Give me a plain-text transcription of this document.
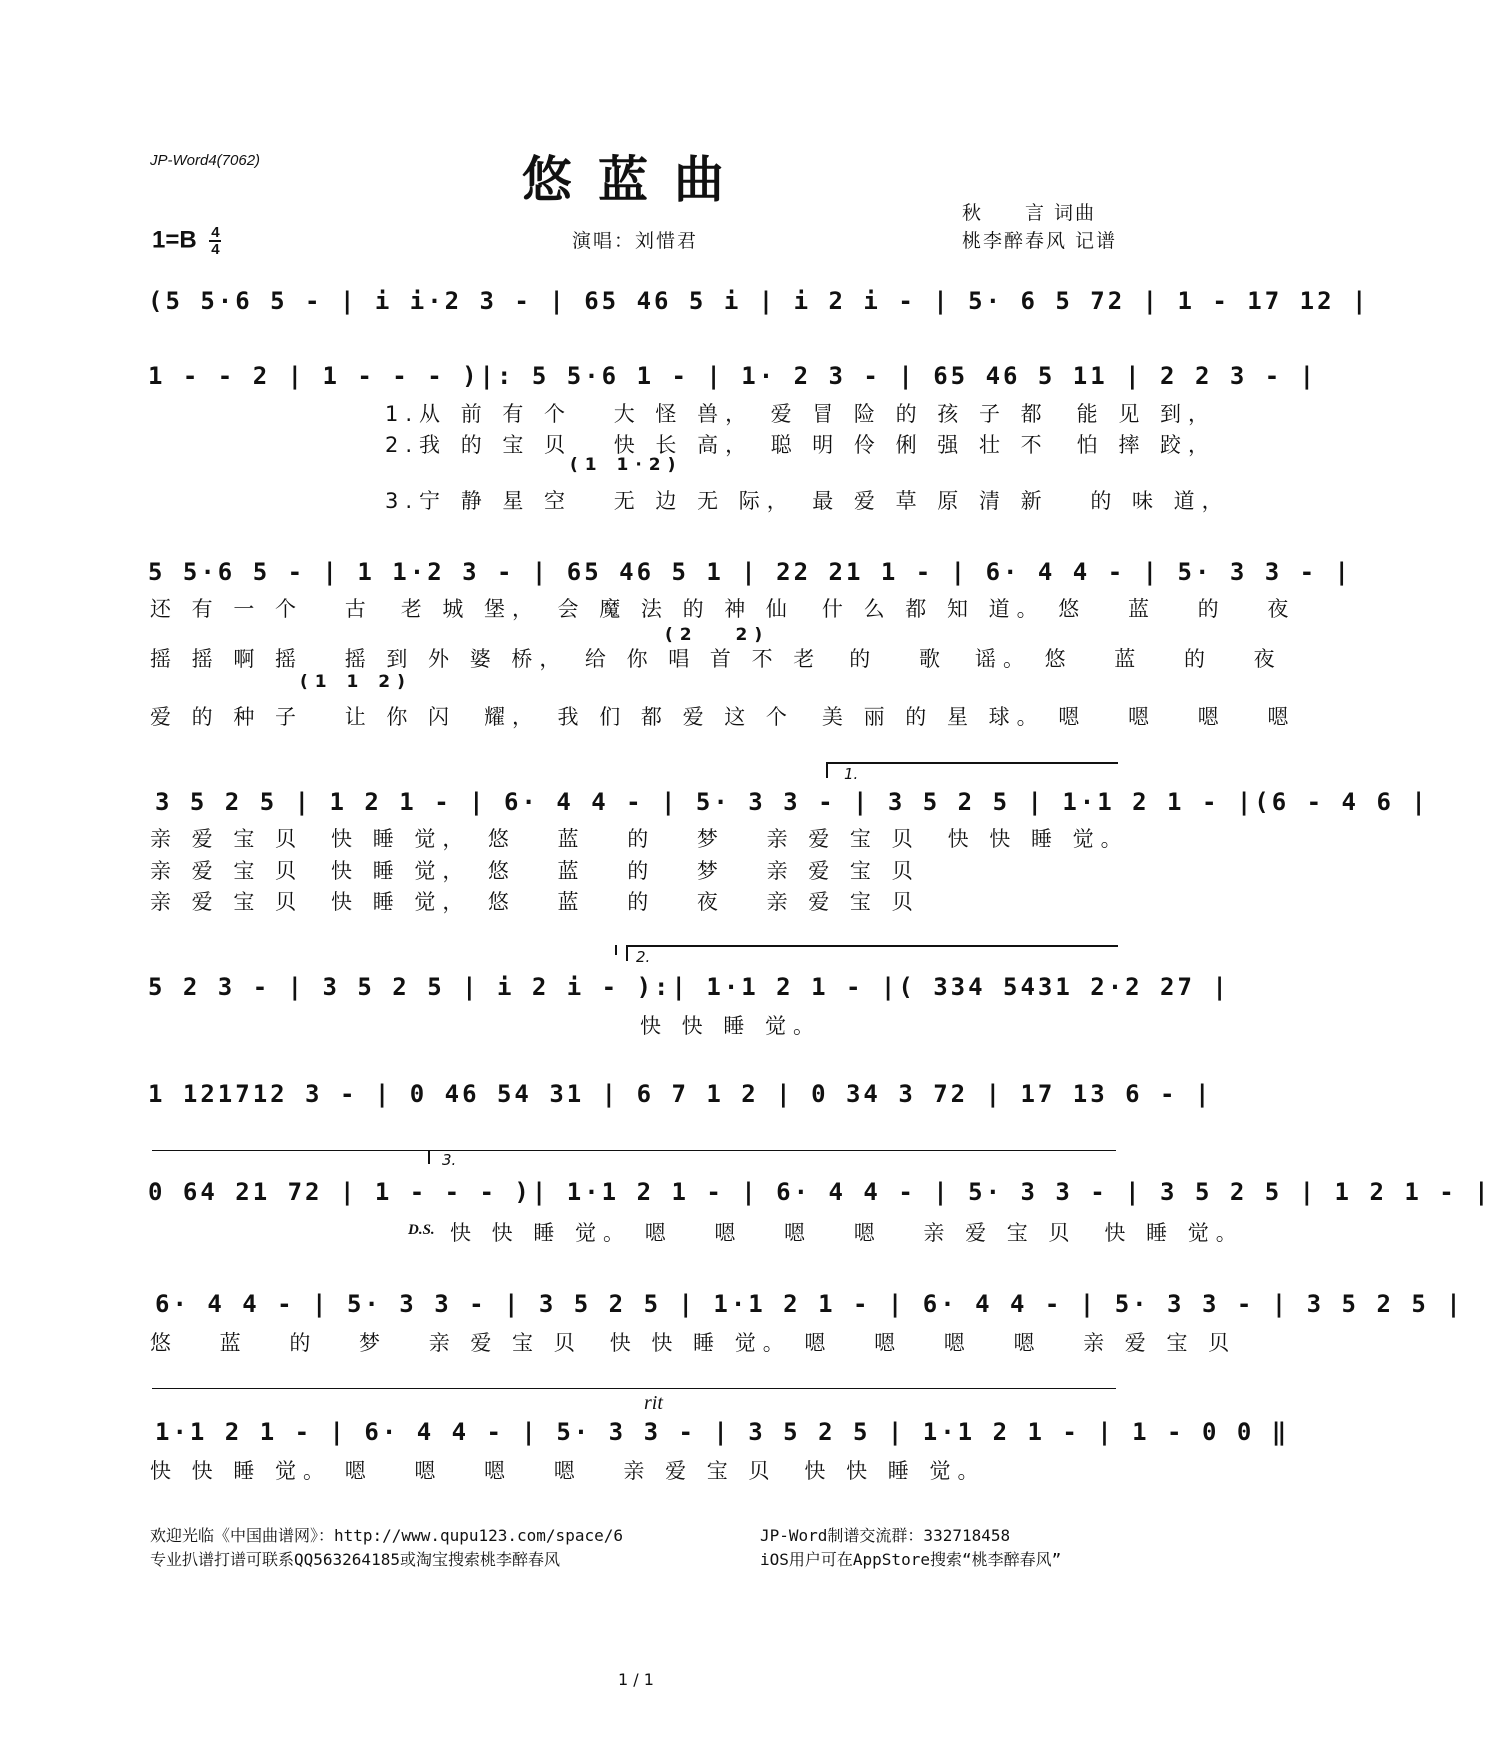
JP-Word4(7062)	悠蓝曲
秋　　言 词曲
桃李醉春风 记谱
演唱：刘惜君
$1=B \frac{4}{4}$
(5 5·6 5 - | i i·2 3 - | 65 46 5 i | i 2 i - | 5· 6 5 72 | 1 - 17 12 |
1 - - 2 | 1 - - - )|: 5 5·6 1 - | 1· 2 3 - | 65 46 5 11 | 2 2 3 - |
1.从 前 有 个　 大 怪 兽，　爱 冒 险 的 孩 子 都　能 见 到，
2.我 的 宝 贝　 快 长 高，　聪 明 伶 俐 强 壮 不　怕 摔 跤，
(1 1·2)
3.宁 静 星 空　 无 边 无 际，　最 爱 草 原 清 新　 的 味 道，
5 5·6 5 - | 1 1·2 3 - | 65 46 5 1 | 22 21 1 - | 6· 4 4 - | 5· 3 3 - |
还 有 一 个　 古　老 城 堡，　会 魔 法 的 神 仙　什 么 都 知 道。 悠　 蓝　 的　 夜
(2　 2)
摇 摇 啊 摇　 摇 到 外 婆 桥，　给 你 唱 首 不 老　的　 歌　谣。 悠　 蓝　 的　 夜
(1 1 2)
爱 的 种 子　 让 你 闪　耀，　我 们 都 爱 这 个　美 丽 的 星 球。 嗯　 嗯　 嗯　 嗯
1.
3 5 2 5 | 1 2 1 - | 6· 4 4 - | 5· 3 3 - | 3 5 2 5 | 1·1 2 1 - |(6 - 4 6 |
亲 爱 宝 贝　快 睡 觉，　悠　 蓝　 的　 梦　 亲 爱 宝 贝　快 快 睡 觉。
亲 爱 宝 贝　快 睡 觉，　悠　 蓝　 的　 梦　 亲 爱 宝 贝
亲 爱 宝 贝　快 睡 觉，　悠　 蓝　 的　 夜　 亲 爱 宝 贝
2.
5 2 3 - | 3 5 2 5 | i 2 i - ):| 1·1 2 1 - |( 334 5431 2·2 27 |
快 快 睡 觉。
1 121712 3 - | 0 46 54 31 | 6 7 1 2 | 0 34 3 72 | 17 13 6 - |
3.
0 64 21 72 | 1 - - - )| 1·1 2 1 - | 6· 4 4 - | 5· 3 3 - | 3 5 2 5 | 1 2 1 - |
D.S. 快 快 睡 觉。 嗯　 嗯　 嗯　 嗯　 亲 爱 宝 贝　快 睡 觉。
6· 4 4 - | 5· 3 3 - | 3 5 2 5 | 1·1 2 1 - | 6· 4 4 - | 5· 3 3 - | 3 5 2 5 |
悠　 蓝　 的　 梦　 亲 爱 宝 贝　快 快 睡 觉。 嗯　 嗯　 嗯　 嗯　 亲 爱 宝 贝
rit
1·1 2 1 - | 6· 4 4 - | 5· 3 3 - | 3 5 2 5 | 1·1 2 1 - | 1 - 0 0 ‖
快 快 睡 觉。 嗯　 嗯　 嗯　 嗯　 亲 爱 宝 贝　快 快 睡 觉。
欢迎光临《中国曲谱网》：http://www.qupu123.com/space/6
专业扒谱打谱可联系QQ563264185或淘宝搜索桃李醉春风
JP-Word制谱交流群：332718458
iOS用户可在AppStore搜索“桃李醉春风”
1 / 1
